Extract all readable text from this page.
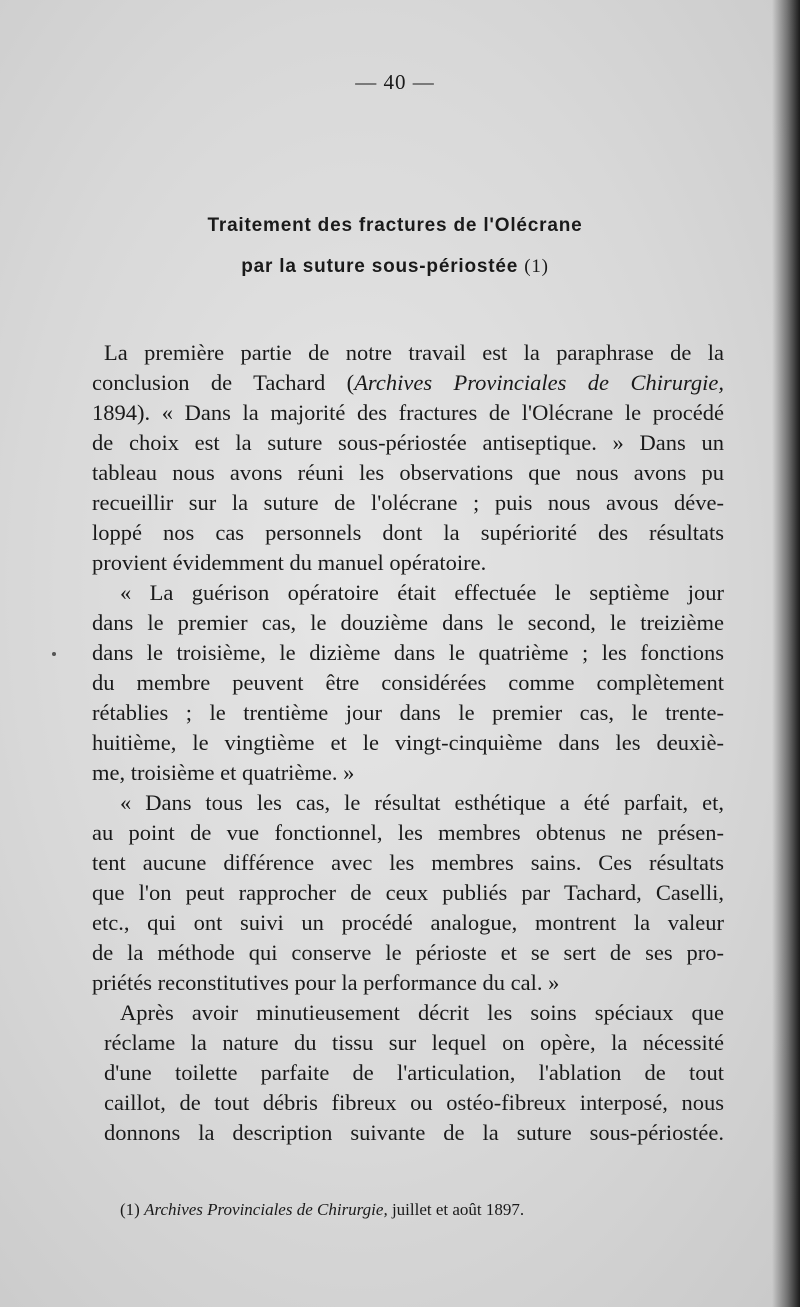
— 40 —
Traitement des fractures de l'Olécrane
par la suture sous-périostée (1)
La première partie de notre travail est la paraphrase de la
conclusion de Tachard (Archives Provinciales de Chirurgie,
1894). « Dans la majorité des fractures de l'Olécrane le procédé
de choix est la suture sous-périostée antiseptique. » Dans un
tableau nous avons réuni les observations que nous avons pu
recueillir sur la suture de l'olécrane ; puis nous avous déve-
loppé nos cas personnels dont la supériorité des résultats
provient évidemment du manuel opératoire.
« La guérison opératoire était effectuée le septième jour
dans le premier cas, le douzième dans le second, le treizième
dans le troisième, le dizième dans le quatrième ; les fonctions
du membre peuvent être considérées comme complètement
rétablies ; le trentième jour dans le premier cas, le trente-
huitième, le vingtième et le vingt-cinquième dans les deuxiè-
me, troisième et quatrième. »
« Dans tous les cas, le résultat esthétique a été parfait, et,
au point de vue fonctionnel, les membres obtenus ne présen-
tent aucune différence avec les membres sains. Ces résultats
que l'on peut rapprocher de ceux publiés par Tachard, Caselli,
etc., qui ont suivi un procédé analogue, montrent la valeur
de la méthode qui conserve le périoste et se sert de ses pro-
priétés reconstitutives pour la performance du cal. »
Après avoir minutieusement décrit les soins spéciaux que
réclame la nature du tissu sur lequel on opère, la nécessité
d'une toilette parfaite de l'articulation, l'ablation de tout
caillot, de tout débris fibreux ou ostéo-fibreux interposé, nous
donnons la description suivante de la suture sous-périostée.
(1) Archives Provinciales de Chirurgie, juillet et août 1897.
